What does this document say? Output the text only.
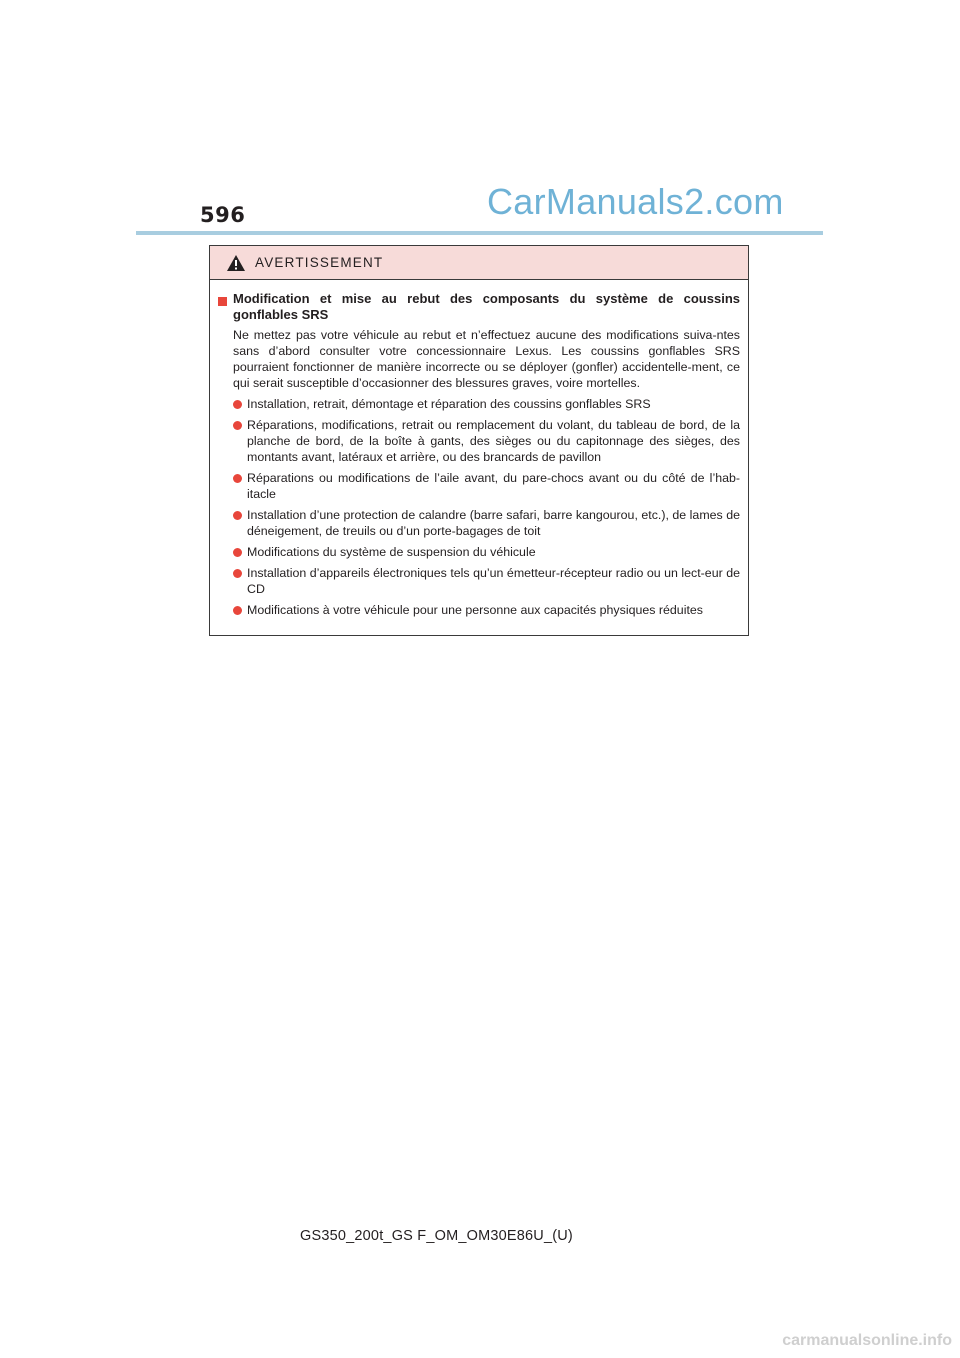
596	CarManuals2.com
AVERTISSEMENT
Modification et mise au rebut des composants du système de coussins gonflables SRS
Ne mettez pas votre véhicule au rebut et n’effectuez aucune des modifications suiva-ntes sans d’abord consulter votre concessionnaire Lexus. Les coussins gonflables SRS pourraient fonctionner de manière incorrecte ou se déployer (gonfler) accidentelle-ment, ce qui serait susceptible d’occasionner des blessures graves, voire mortelles.
Installation, retrait, démontage et réparation des coussins gonflables SRS
Réparations, modifications, retrait ou remplacement du volant, du tableau de bord, de la planche de bord, de la boîte à gants, des sièges ou du capitonnage des sièges, des montants avant, latéraux et arrière, ou des brancards de pavillon
Réparations ou modifications de l’aile avant, du pare-chocs avant ou du côté de l’hab-itacle
Installation d’une protection de calandre (barre safari, barre kangourou, etc.), de lames de déneigement, de treuils ou d’un porte-bagages de toit
Modifications du système de suspension du véhicule
Installation d’appareils électroniques tels qu’un émetteur-récepteur radio ou un lect-eur de CD
Modifications à votre véhicule pour une personne aux capacités physiques réduites
GS350_200t_GS F_OM_OM30E86U_(U)
carmanualsonline.info
